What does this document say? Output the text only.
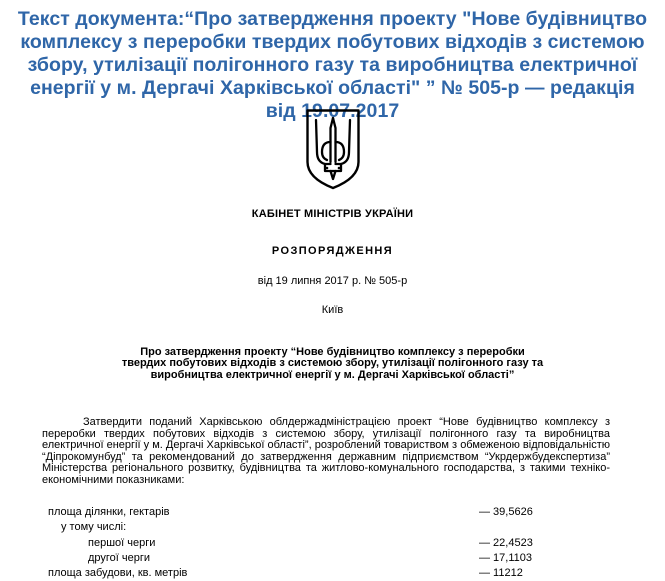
Текст документа:“Про затвердження проекту "Нове будівництво комплексу з переробки твердих побутових відходів з системою збору, утилізації полігонного газу та виробництва електричної енергії у м. Дергачі Харківської області" ” № 505-р — редакція від 19.07.2017
КАБІНЕТ МІНІСТРІВ УКРАЇНИ
РОЗПОРЯДЖЕННЯ
від 19 липня 2017 р. № 505-р
Київ
Про затвердження проекту “Нове будівництво комплексу з переробки твердих побутових відходів з системою збору, утилізації полігонного газу та виробництва електричної енергії у м. Дергачі Харківської області”

Затвердити поданий Харківською облдержадміністрацією проект “Нове будівництво комплексу з переробки твердих побутових відходів з системою збору, утилізації полігонного газу та виробництва електричної енергії у м. Дергачі Харківської області”, розроблений товариством з обмеженою відповідальністю “Діпрокомунбуд” та рекомендований до затвердження державним підприємством “Укрдержбудекспертиза” Міністерства регіонального розвитку, будівництва та житлово-комунального господарства, з такими техніко-економічними показниками:

площа ділянки, гектарів	— 39,5626
у тому числі:
першої черги	— 22,4523
другої черги	— 17,1103
площа забудови, кв. метрів	— 11212
